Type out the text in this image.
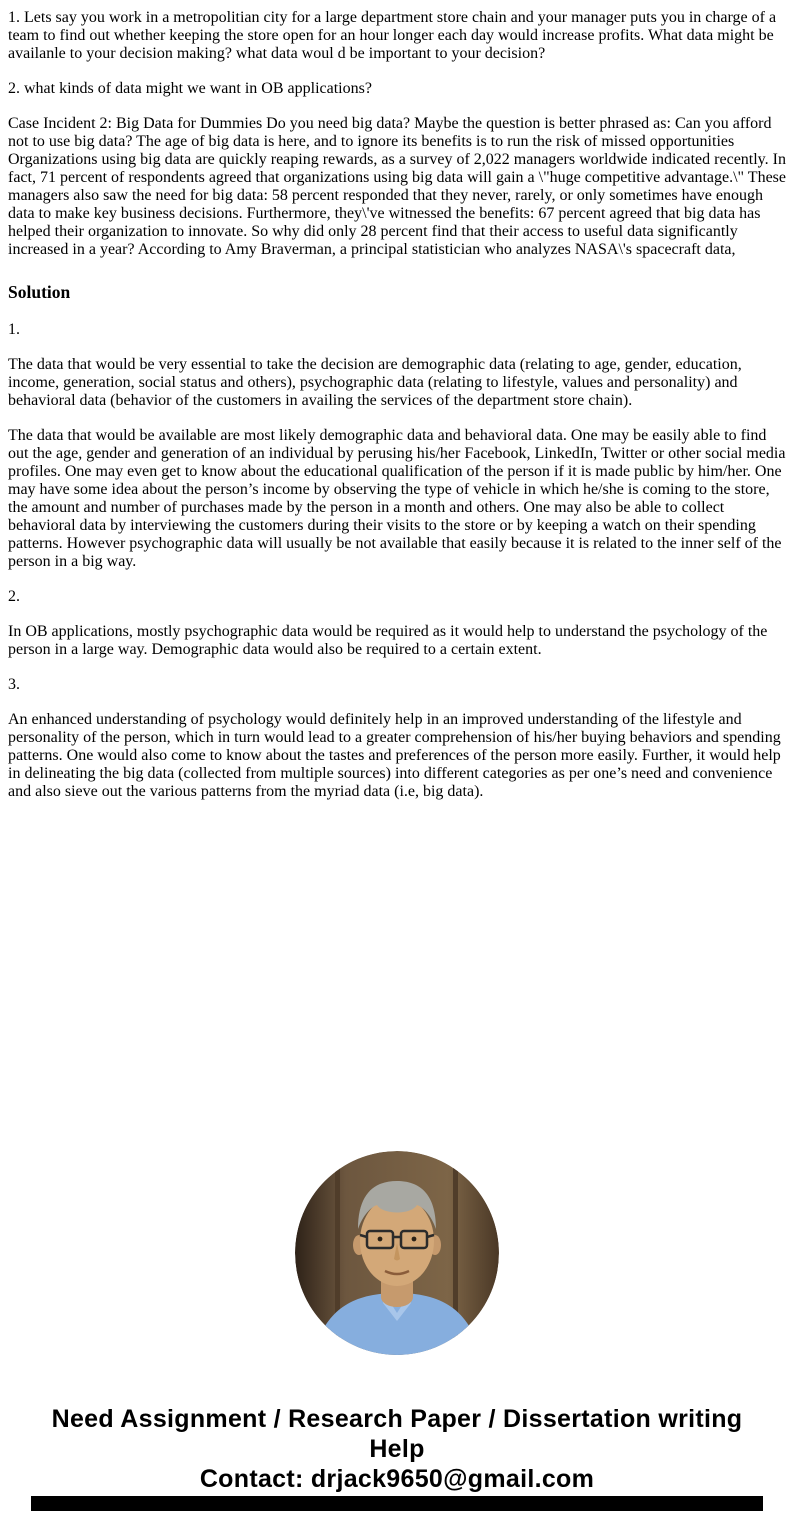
1. Lets say you work in a metropolitian city for a large department store chain and your manager puts you in charge of a team to find out whether keeping the store open for an hour longer each day would increase profits. What data might be availanle to your decision making? what data woul d be important to your decision?

2. what kinds of data might we want in OB applications?

Case Incident 2: Big Data for Dummies Do you need big data? Maybe the question is better phrased as: Can you afford not to use big data? The age of big data is here, and to ignore its benefits is to run the risk of missed opportunities Organizations using big data are quickly reaping rewards, as a survey of 2,022 managers worldwide indicated recently. In fact, 71 percent of respondents agreed that organizations using big data will gain a \"huge competitive advantage.\" These managers also saw the need for big data: 58 percent responded that they never, rarely, or only sometimes have enough data to make key business decisions. Furthermore, they\'ve witnessed the benefits: 67 percent agreed that big data has helped their organization to innovate. So why did only 28 percent find that their access to useful data significantly increased in a year? According to Amy Braverman, a principal statistician who analyzes NASA\'s spacecraft data,

Solution

1.

The data that would be very essential to take the decision are demographic data (relating to age, gender, education, income, generation, social status and others), psychographic data (relating to lifestyle, values and personality) and behavioral data (behavior of the customers in availing the services of the department store chain).

The data that would be available are most likely demographic data and behavioral data. One may be easily able to find out the age, gender and generation of an individual by perusing his/her Facebook, LinkedIn, Twitter or other social media profiles. One may even get to know about the educational qualification of the person if it is made public by him/her. One may have some idea about the person’s income by observing the type of vehicle in which he/she is coming to the store, the amount and number of purchases made by the person in a month and others. One may also be able to collect behavioral data by interviewing the customers during their visits to the store or by keeping a watch on their spending patterns. However psychographic data will usually be not available that easily because it is related to the inner self of the person in a big way.

2.

In OB applications, mostly psychographic data would be required as it would help to understand the psychology of the person in a large way. Demographic data would also be required to a certain extent.

3.

An enhanced understanding of psychology would definitely help in an improved understanding of the lifestyle and personality of the person, which in turn would lead to a greater comprehension of his/her buying behaviors and spending patterns. One would also come to know about the tastes and preferences of the person more easily. Further, it would help in delineating the big data (collected from multiple sources) into different categories as per one’s need and convenience and also sieve out the various patterns from the myriad data (i.e, big data).

Need Assignment / Research Paper / Dissertation writing Help
Contact: drjack9650@gmail.com
